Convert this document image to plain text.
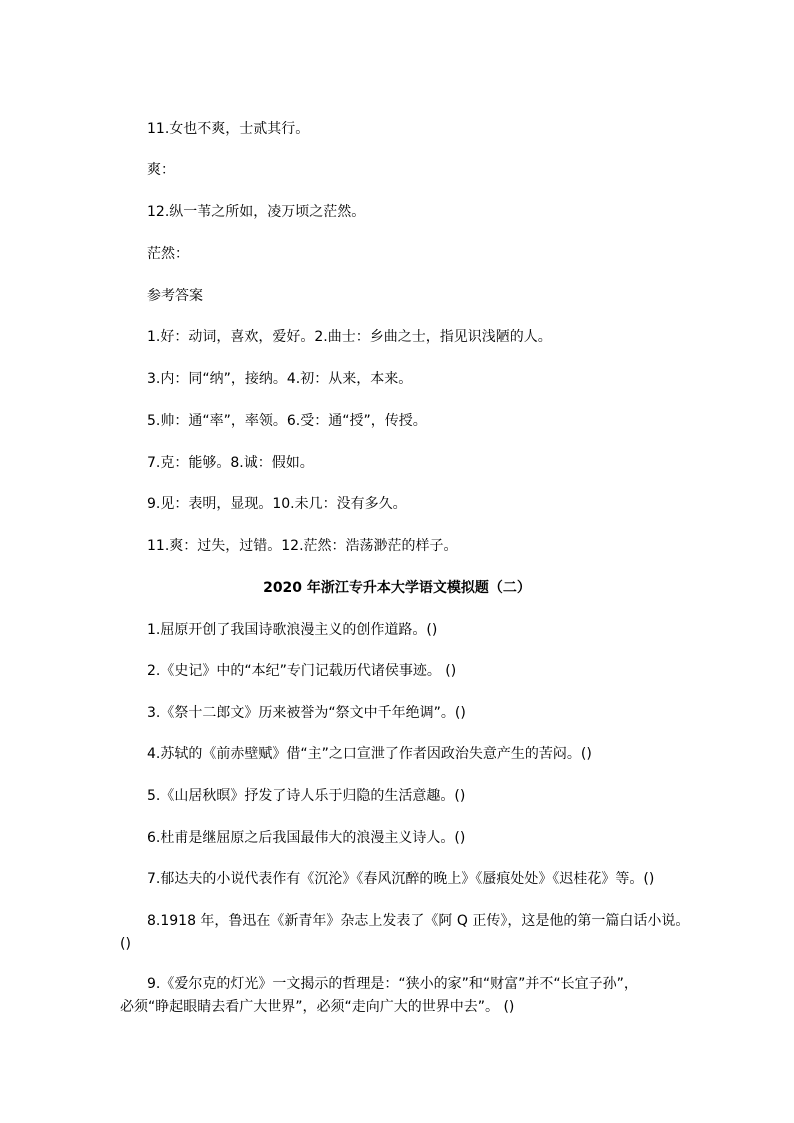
11.女也不爽，士贰其行。
爽：
12.纵一苇之所如，凌万顷之茫然。
茫然：
参考答案
1.好：动词，喜欢，爱好。2.曲士：乡曲之士，指见识浅陋的人。
3.内：同“纳”，接纳。4.初：从来，本来。
5.帅：通“率”，率领。6.受：通“授”，传授。
7.克：能够。8.诚：假如。
9.见：表明，显现。10.未几：没有多久。
11.爽：过失，过错。12.茫然：浩荡渺茫的样子。
2020 年浙江专升本大学语文模拟题（二）
1.屈原开创了我国诗歌浪漫主义的创作道路。()
2.《史记》中的“本纪”专门记载历代诸侯事迹。 ()
3.《祭十二郎文》历来被誉为“祭文中千年绝调”。()
4.苏轼的《前赤壁赋》借“主”之口宣泄了作者因政治失意产生的苦闷。()
5.《山居秋暝》抒发了诗人乐于归隐的生活意趣。()
6.杜甫是继屈原之后我国最伟大的浪漫主义诗人。()
7.郁达夫的小说代表作有《沉沦》《春风沉醉的晚上》《蜃痕处处》《迟桂花》等。()
8.1918 年，鲁迅在《新青年》杂志上发表了《阿 Q 正传》，这是他的第一篇白话小说。
()
9.《爱尔克的灯光》一文揭示的哲理是：“狭小的家”和“财富”并不“长宜子孙”，
必须“睁起眼睛去看广大世界”，必须“走向广大的世界中去”。 ()
